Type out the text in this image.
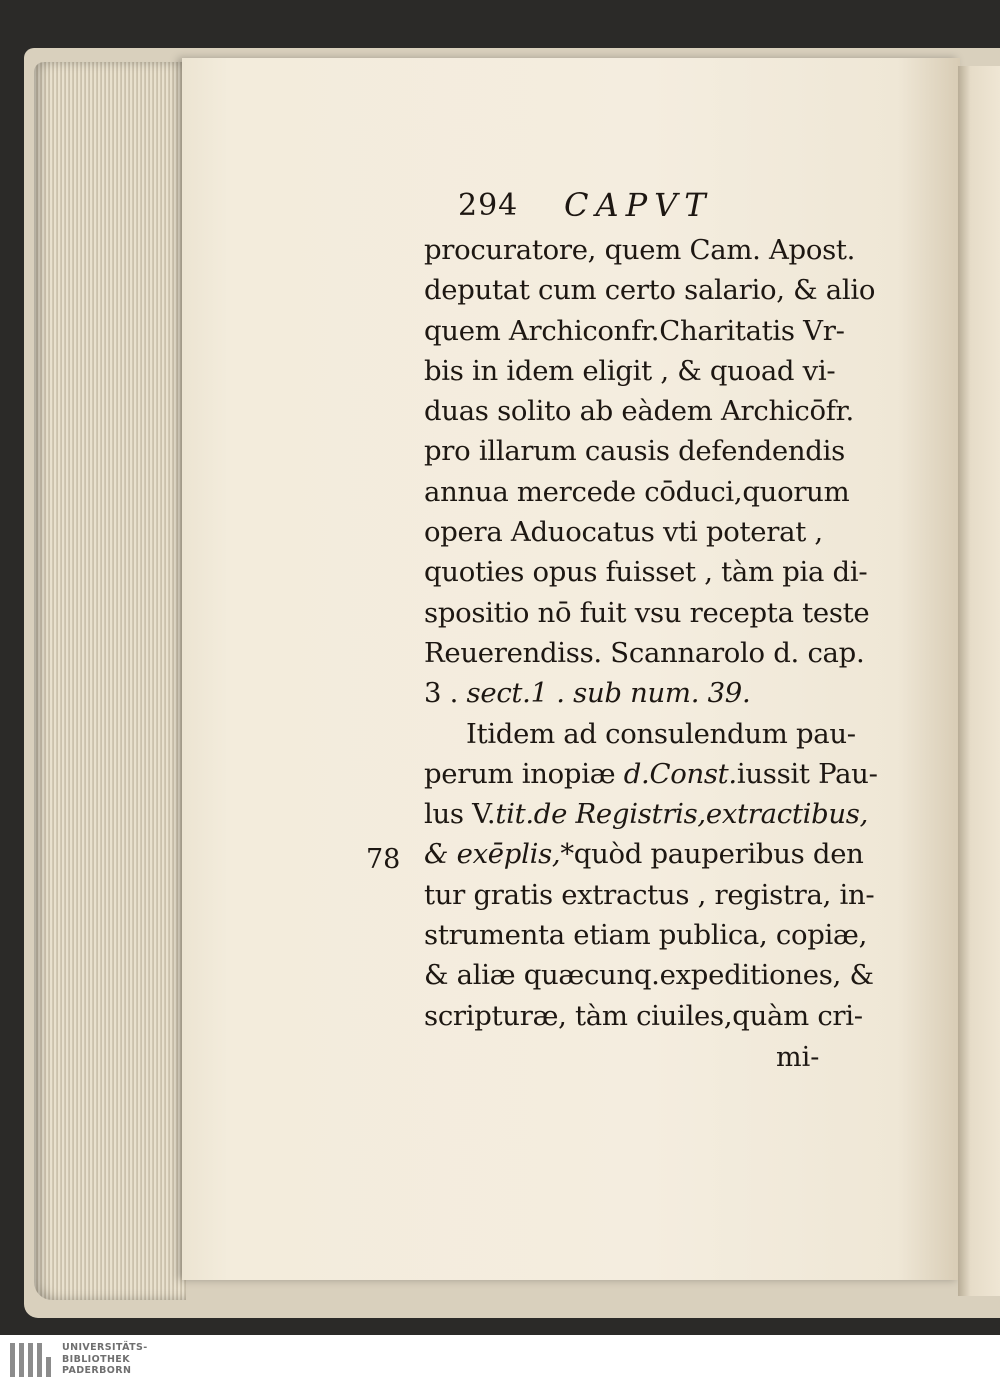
78
294 CAPVT
procuratore, quem Cam. Apost.
deputat cum certo salario, & alio
quem Archiconfr.Charitatis Vr-
bis in idem eligit , & quoad vi-
duas solito ab eàdem Archicōfr.
pro illarum causis defendendis
annua mercede cōduci,quorum
opera Aduocatus vti poterat ,
quoties opus fuisset , tàm pia di-
spositio nō fuit vsu recepta teste
Reuerendiss. Scannarolo d. cap.
3 . sect.1 . sub num. 39.
Itidem ad consulendum pau-
perum inopiæ d.Const.iussit Pau-
lus V.tit.de Registris,extractibus,
& exēplis,*quòd pauperibus den
tur gratis extractus , registra, in-
strumenta etiam publica, copiæ,
& aliæ quæcunq.expeditiones, &
scripturæ, tàm ciuiles,quàm cri-
mi-
UNIVERSITÄTS-
BIBLIOTHEK
PADERBORN
